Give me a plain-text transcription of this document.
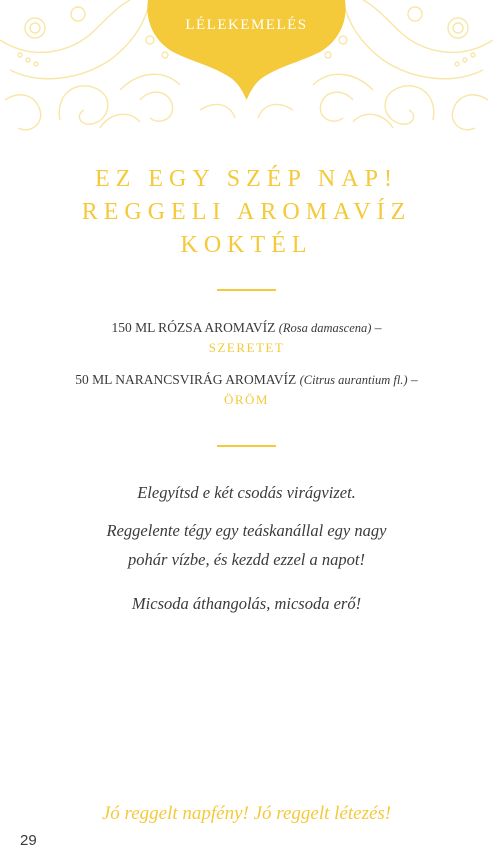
LÉLEKEMELÉS
EZ EGY SZÉP NAP!
REGGELI AROMAVÍZ
KOKTÉL
150 ML RÓZSA AROMAVÍZ (Rosa damascena) –
SZERETET
50 ML NARANCSVIRÁG AROMAVÍZ (Citrus aurantium fl.) –
ÖRÖM
Elegyítsd e két csodás virágvizet.
Reggelente tégy egy teáskanállal egy nagy
pohár vízbe, és kezdd ezzel a napot!
Micsoda áthangolás, micsoda erő!
Jó reggelt napfény! Jó reggelt létezés!
29
